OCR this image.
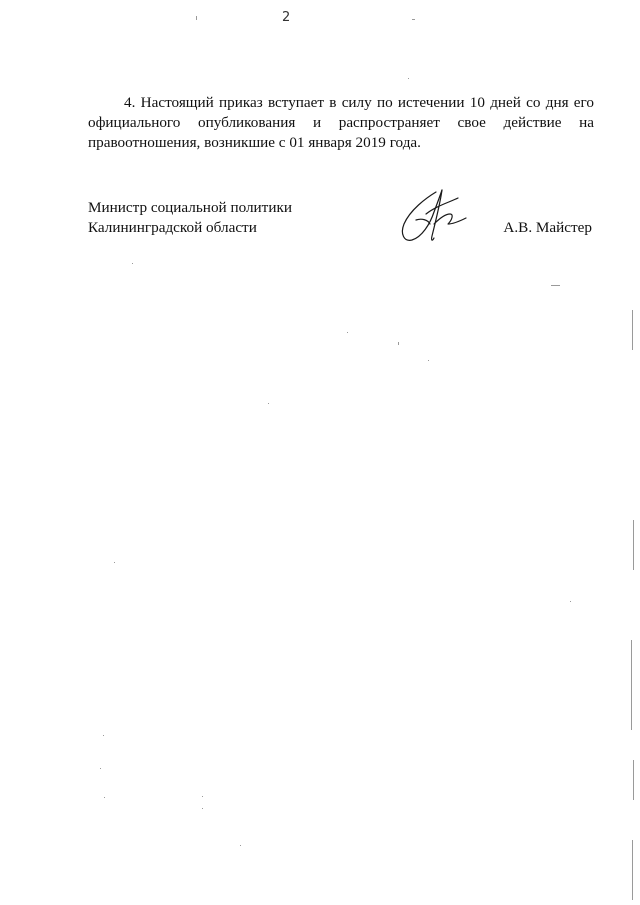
2

4. Настоящий приказ вступает в силу по истечении 10 дней со дня его официального опубликования и распространяет свое действие на правоотношения, возникшие с 01 января 2019 года.

Министр социальной политики
Калининградской области	А.В. Майстер
